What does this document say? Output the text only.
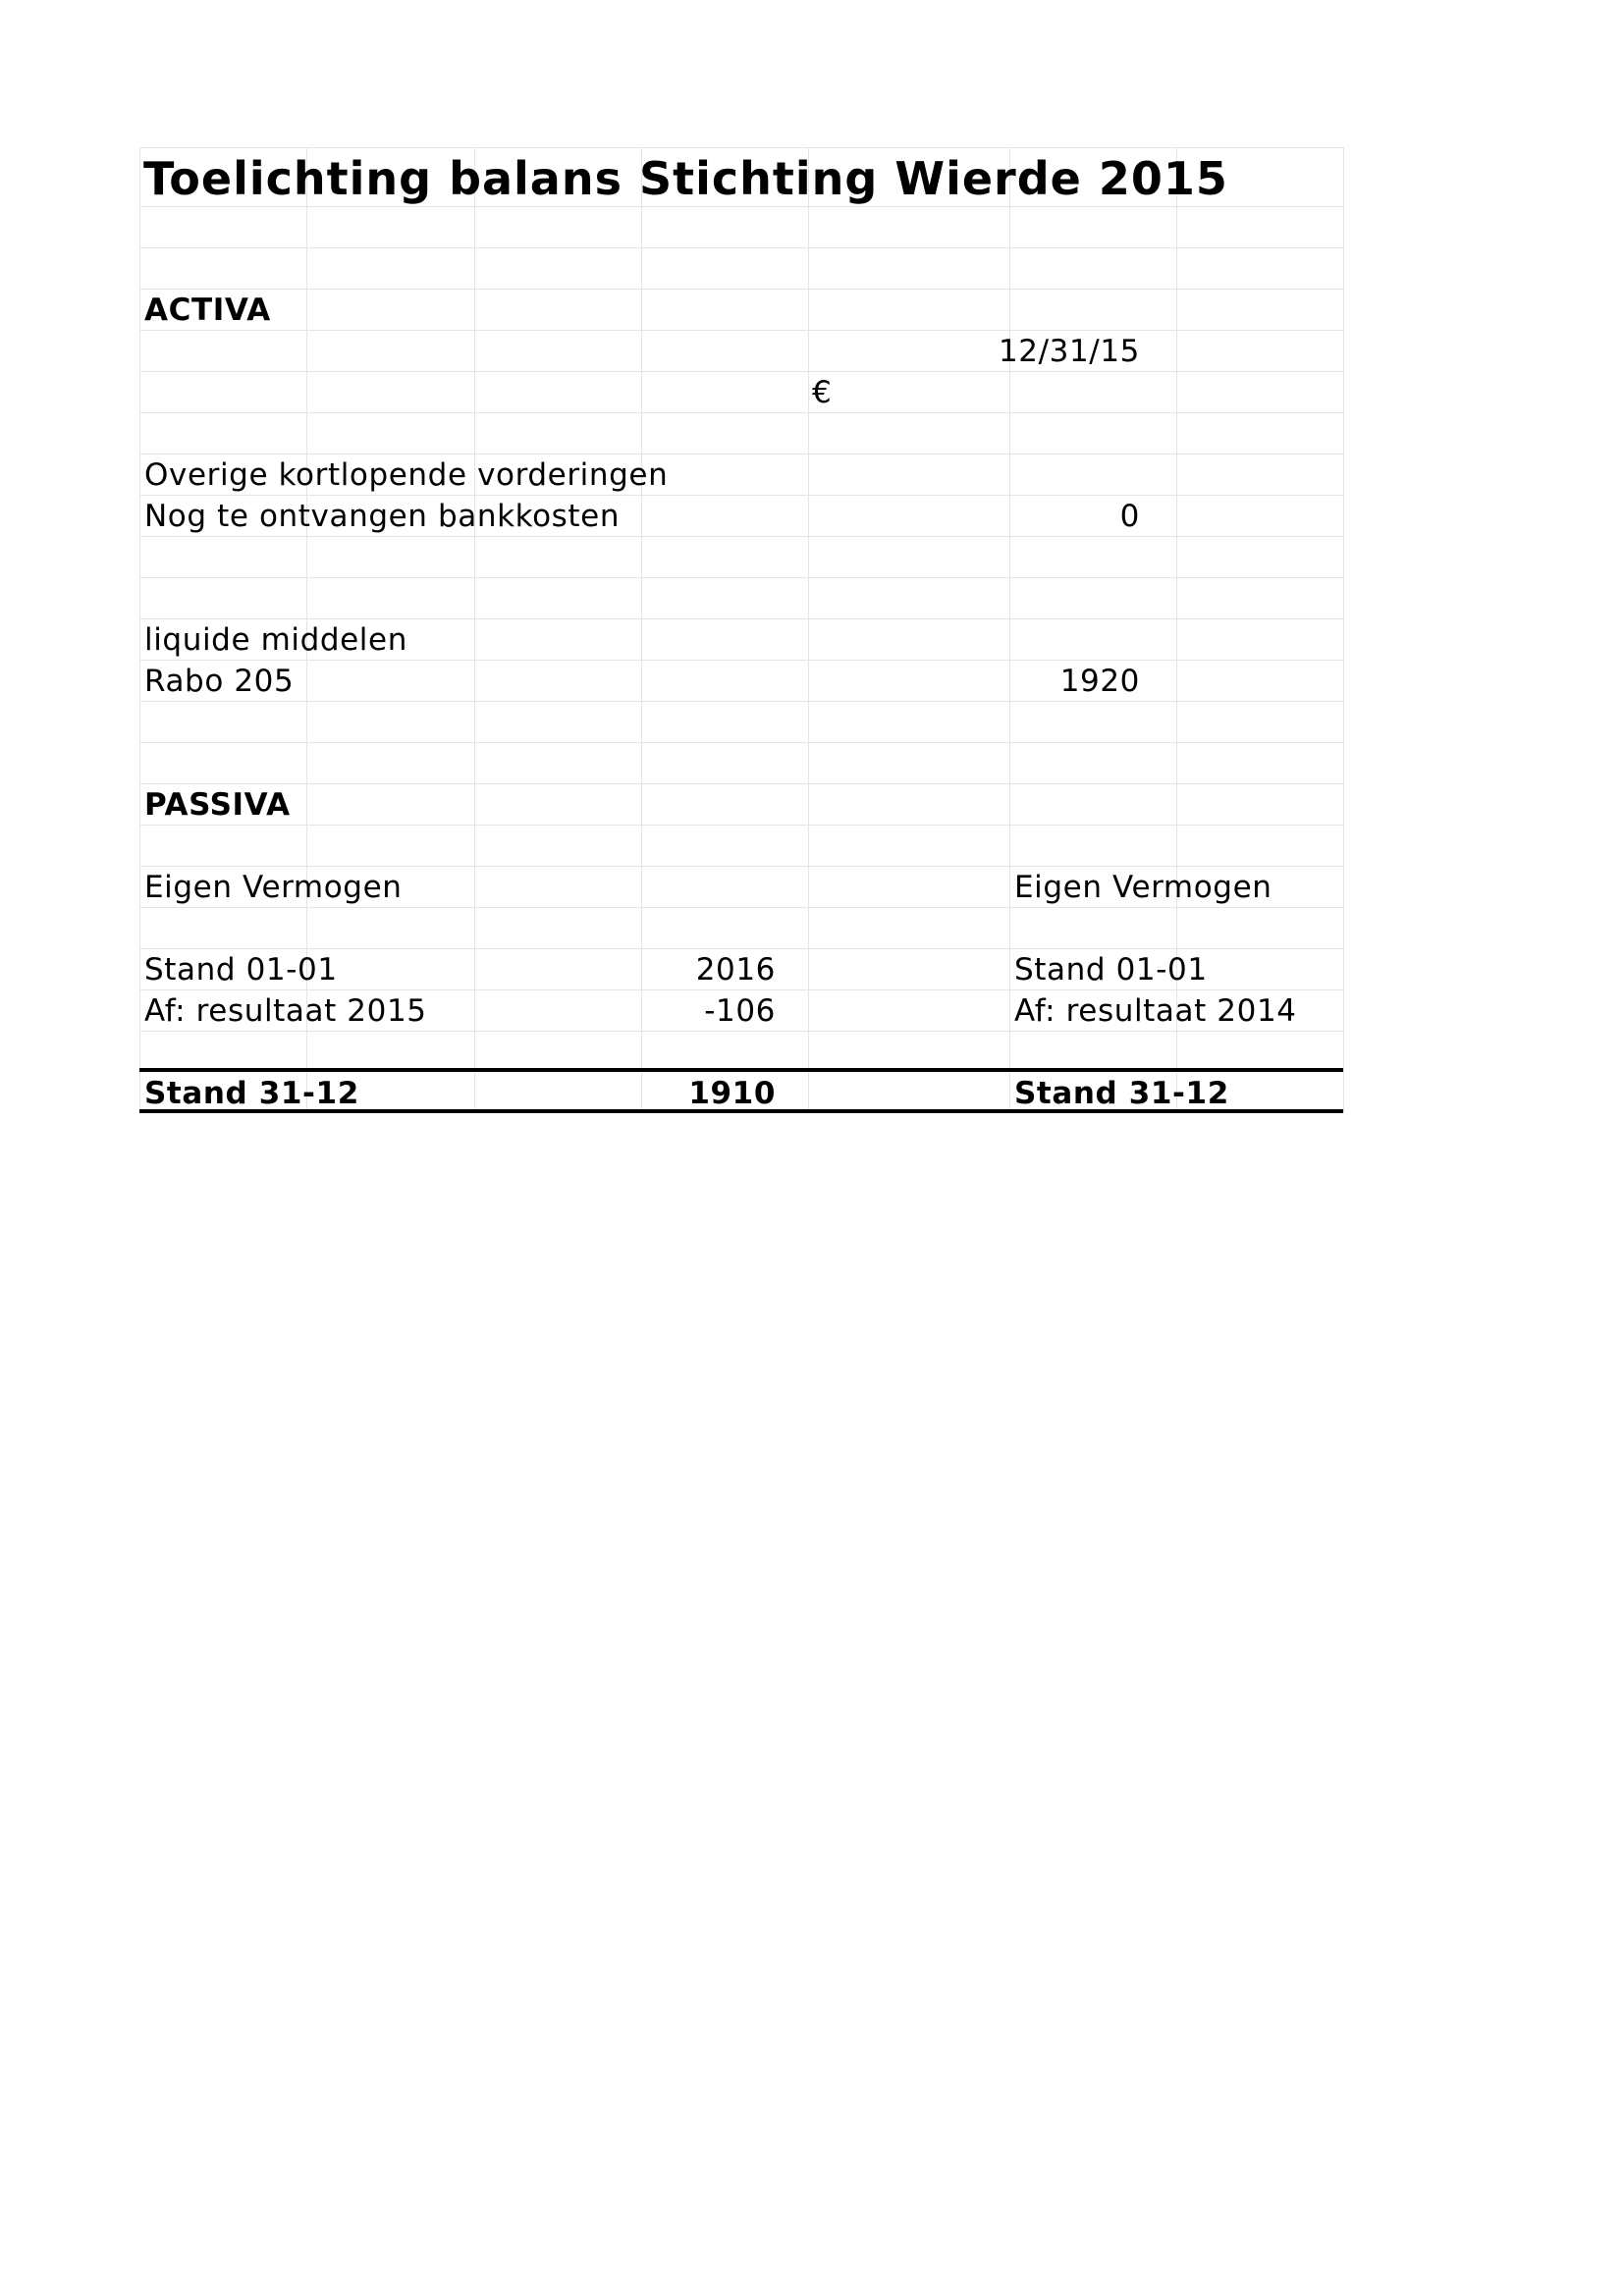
Toelichting balans Stichting Wierde 2015
ACTIVA
12/31/15
€
Overige kortlopende vorderingen
Nog te ontvangen bankkosten	0
liquide middelen
Rabo 205	1920
PASSIVA
Eigen Vermogen	Eigen Vermogen
Stand 01-01	2016	Stand 01-01
Af: resultaat 2015	-106	Af: resultaat 2014
Stand 31-12	1910	Stand 31-12
